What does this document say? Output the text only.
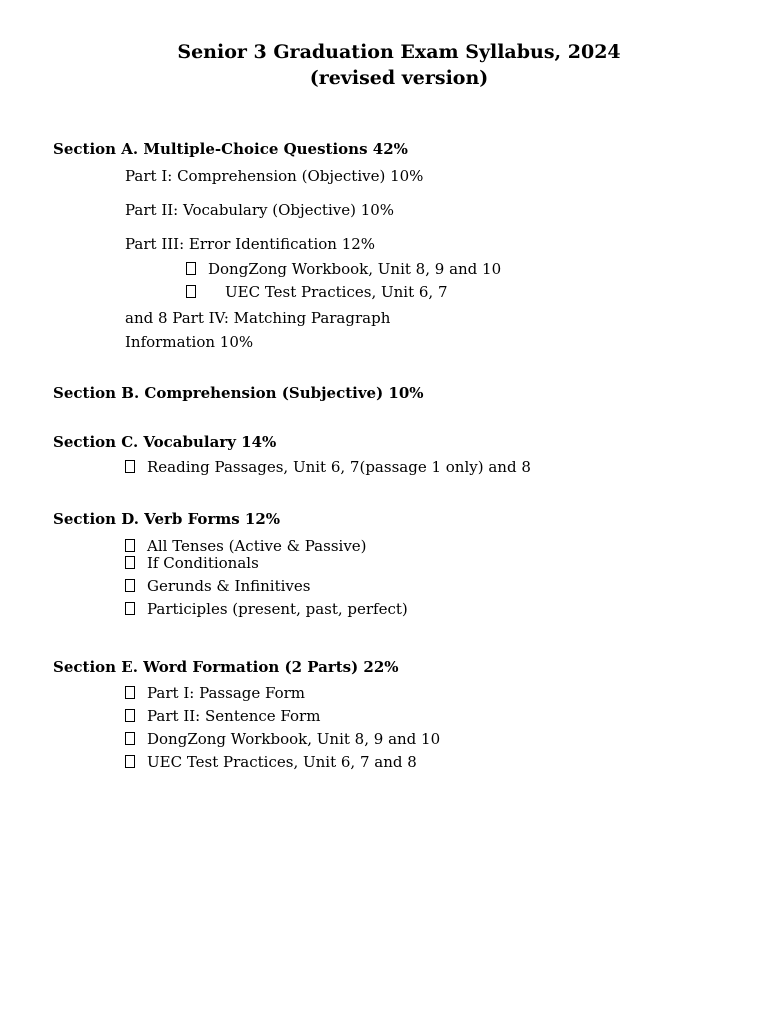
Senior 3 Graduation Exam Syllabus, 2024
(revised version)
Section A. Multiple-Choice Questions 42%
Part I: Comprehension (Objective) 10%
Part II: Vocabulary (Objective) 10%
Part III: Error Identification 12%
DongZong Workbook, Unit 8, 9 and 10
UEC Test Practices, Unit 6, 7
and 8 Part IV: Matching Paragraph
Information 10%
Section B. Comprehension (Subjective) 10%
Section C. Vocabulary 14%
Reading Passages, Unit 6, 7(passage 1 only) and 8
Section D. Verb Forms 12%
All Tenses (Active & Passive)
If Conditionals
Gerunds & Infinitives
Participles (present, past, perfect)
Section E. Word Formation (2 Parts) 22%
Part I: Passage Form
Part II: Sentence Form
DongZong Workbook, Unit 8, 9 and 10
UEC Test Practices, Unit 6, 7 and 8
